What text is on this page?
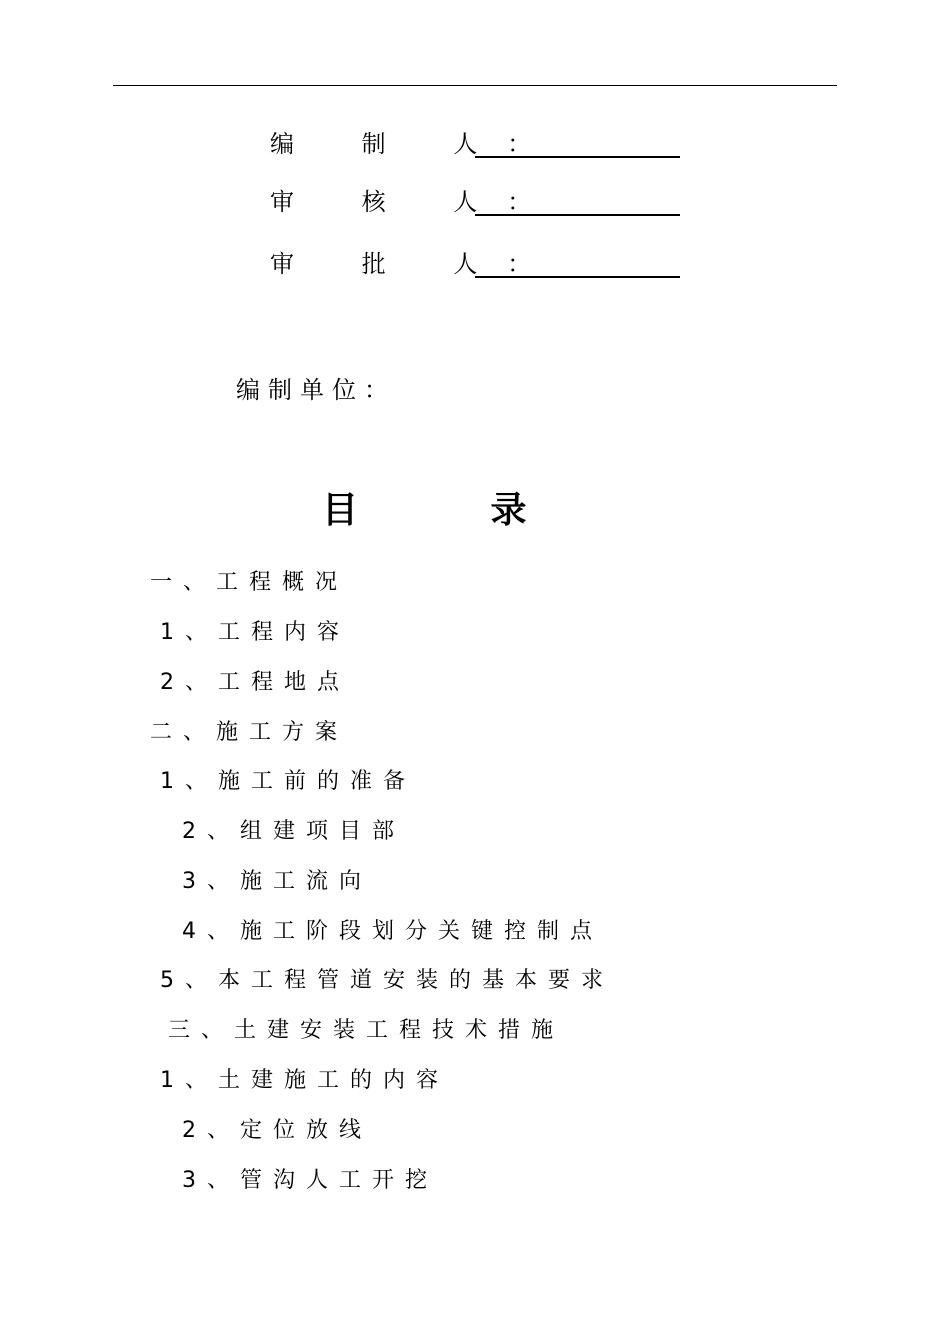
编 制 人：
审 核 人：
审 批 人：
编制单位：
目 录
一、工程概况
1、工程内容
2、工程地点
二、施工方案
1、施工前的准备
2、组建项目部
3、施工流向
4、施工阶段划分关键控制点
5、本工程管道安装的基本要求
三、土建安装工程技术措施
1、土建施工的内容
2、定位放线
3、管沟人工开挖
